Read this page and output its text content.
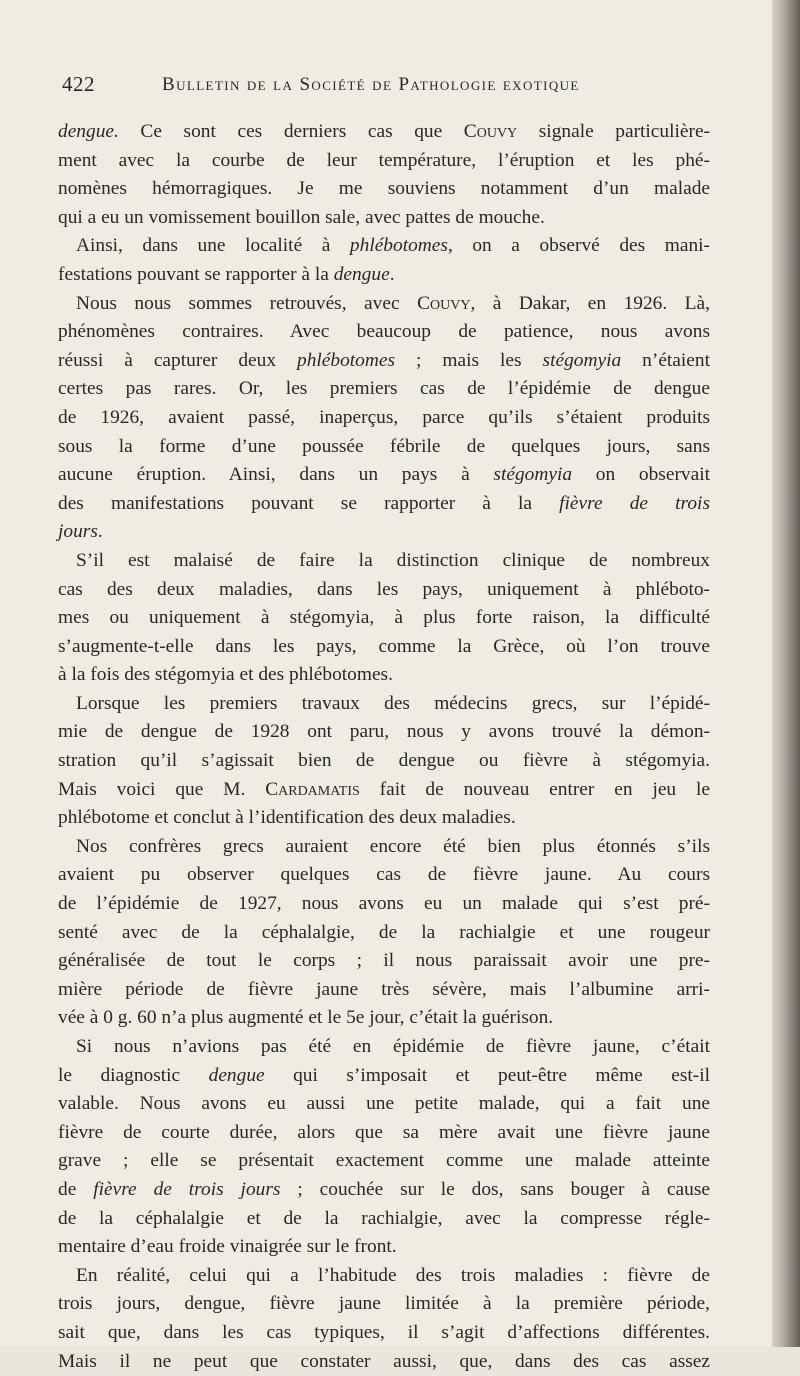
422	Bulletin de la Société de Pathologie exotique
dengue. Ce sont ces derniers cas que Couvy signale particulière-
ment avec la courbe de leur température, l’éruption et les phé-
nomènes hémorragiques. Je me souviens notamment d’un malade
qui a eu un vomissement bouillon sale, avec pattes de mouche.
Ainsi, dans une localité à phlébotomes, on a observé des mani-
festations pouvant se rapporter à la dengue.
Nous nous sommes retrouvés, avec Couvy, à Dakar, en 1926. Là,
phénomènes contraires. Avec beaucoup de patience, nous avons
réussi à capturer deux phlébotomes ; mais les stégomyia n’étaient
certes pas rares. Or, les premiers cas de l’épidémie de dengue
de 1926, avaient passé, inaperçus, parce qu’ils s’étaient produits
sous la forme d’une poussée fébrile de quelques jours, sans
aucune éruption. Ainsi, dans un pays à stégomyia on observait
des manifestations pouvant se rapporter à la fièvre de trois
jours.
S’il est malaisé de faire la distinction clinique de nombreux
cas des deux maladies, dans les pays, uniquement à phléboto-
mes ou uniquement à stégomyia, à plus forte raison, la difficulté
s’augmente-t-elle dans les pays, comme la Grèce, où l’on trouve
à la fois des stégomyia et des phlébotomes.
Lorsque les premiers travaux des médecins grecs, sur l’épidé-
mie de dengue de 1928 ont paru, nous y avons trouvé la démon-
stration qu’il s’agissait bien de dengue ou fièvre à stégomyia.
Mais voici que M. Cardamatis fait de nouveau entrer en jeu le
phlébotome et conclut à l’identification des deux maladies.
Nos confrères grecs auraient encore été bien plus étonnés s’ils
avaient pu observer quelques cas de fièvre jaune. Au cours
de l’épidémie de 1927, nous avons eu un malade qui s’est pré-
senté avec de la céphalalgie, de la rachialgie et une rougeur
généralisée de tout le corps ; il nous paraissait avoir une pre-
mière période de fièvre jaune très sévère, mais l’albumine arri-
vée à 0 g. 60 n’a plus augmenté et le 5e jour, c’était la guérison.
Si nous n’avions pas été en épidémie de fièvre jaune, c’était
le diagnostic dengue qui s’imposait et peut-être même est-il
valable. Nous avons eu aussi une petite malade, qui a fait une
fièvre de courte durée, alors que sa mère avait une fièvre jaune
grave ; elle se présentait exactement comme une malade atteinte
de fièvre de trois jours ; couchée sur le dos, sans bouger à cause
de la céphalalgie et de la rachialgie, avec la compresse régle-
mentaire d’eau froide vinaigrée sur le front.
En réalité, celui qui a l’habitude des trois maladies : fièvre de
trois jours, dengue, fièvre jaune limitée à la première période,
sait que, dans les cas typiques, il s’agit d’affections différentes.
Mais il ne peut que constater aussi, que, dans des cas assez
